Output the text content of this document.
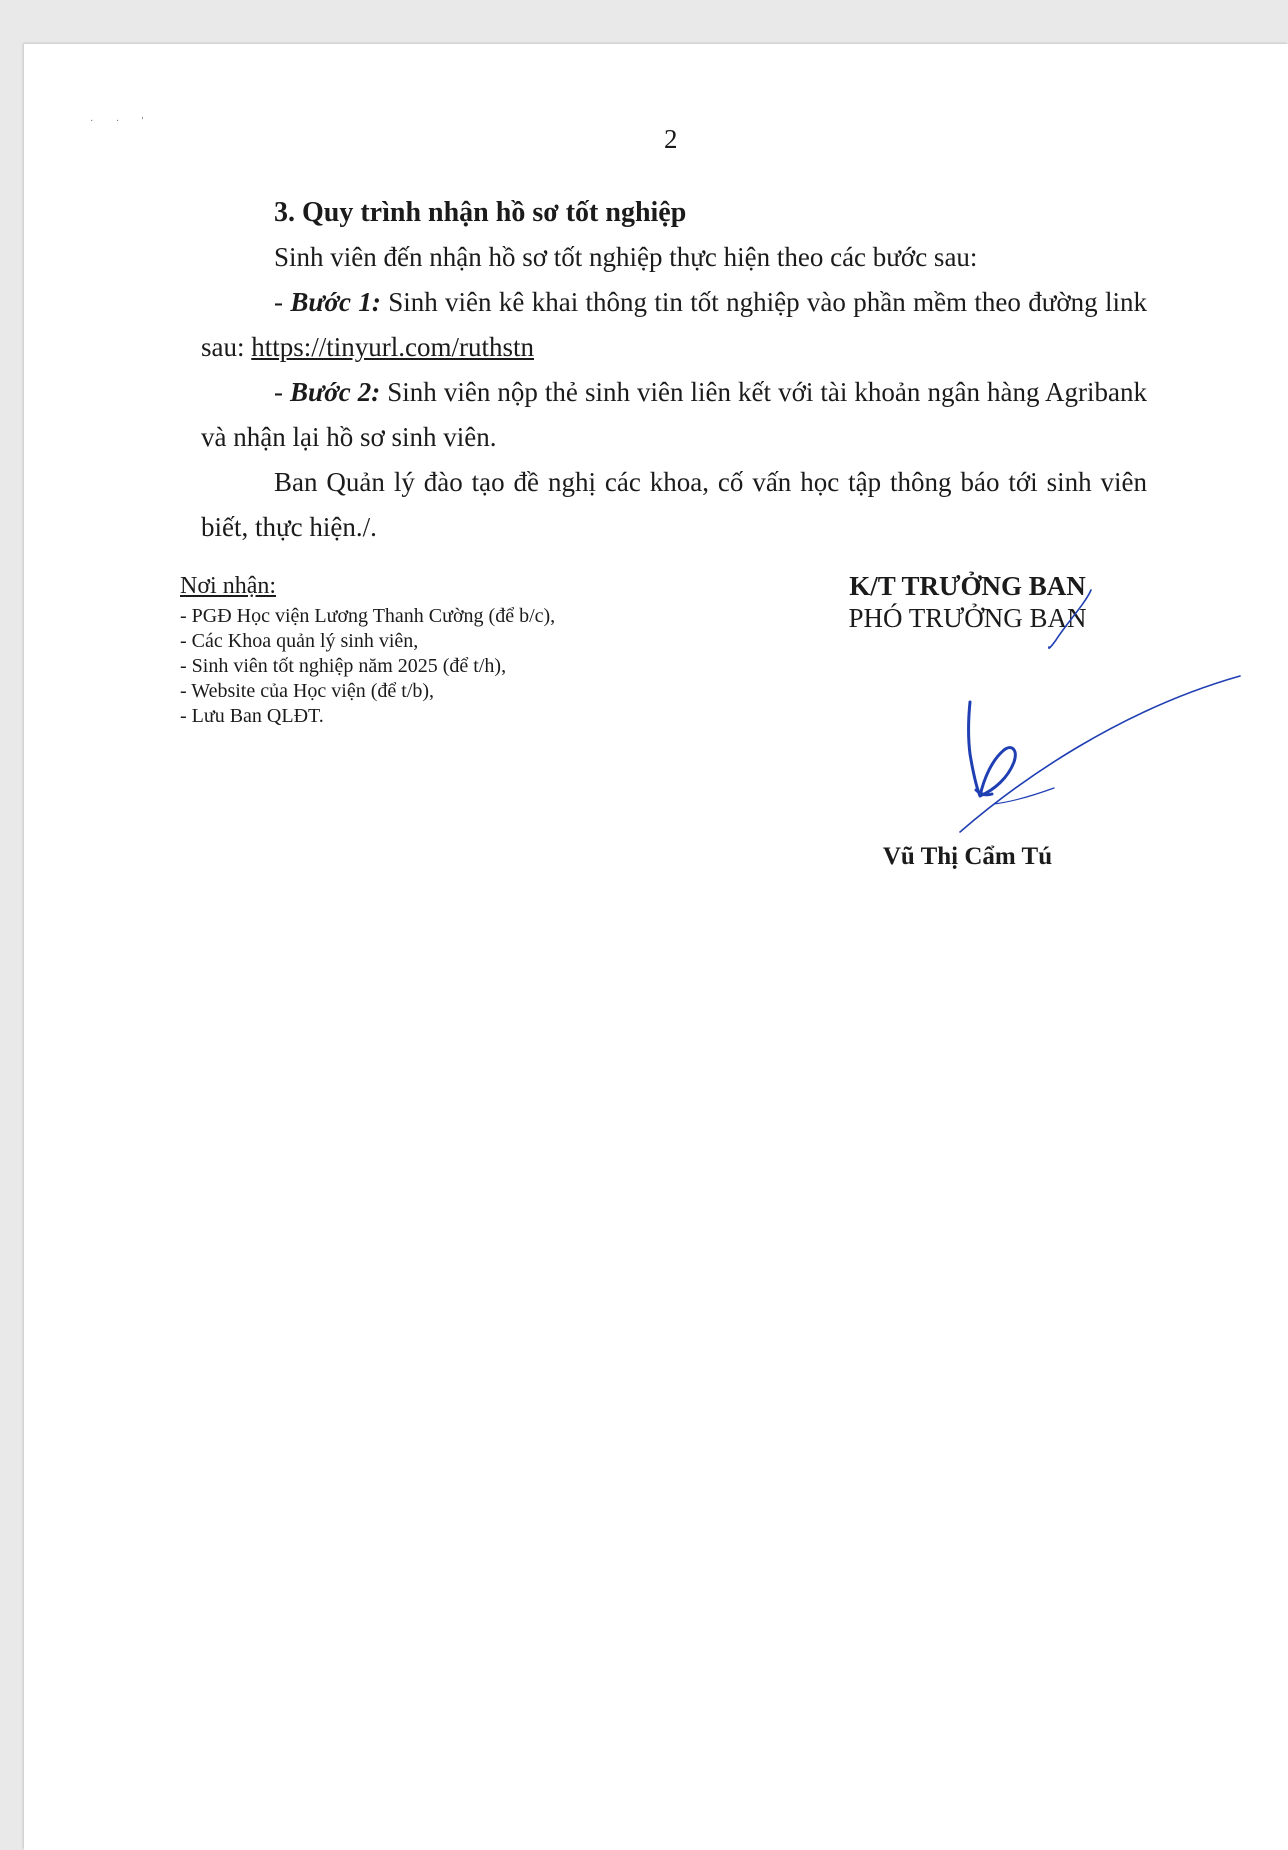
· · '
2

3. Quy trình nhận hồ sơ tốt nghiệp

Sinh viên đến nhận hồ sơ tốt nghiệp thực hiện theo các bước sau:

- Bước 1: Sinh viên kê khai thông tin tốt nghiệp vào phần mềm theo đường link sau: https://tinyurl.com/ruthstn

- Bước 2: Sinh viên nộp thẻ sinh viên liên kết với tài khoản ngân hàng Agribank và nhận lại hồ sơ sinh viên.

Ban Quản lý đào tạo đề nghị các khoa, cố vấn học tập thông báo tới sinh viên biết, thực hiện./.

Nơi nhận:
- PGĐ Học viện Lương Thanh Cường (để b/c),
- Các Khoa quản lý sinh viên,
- Sinh viên tốt nghiệp năm 2025 (để t/h),
- Website của Học viện (để t/b),
- Lưu Ban QLĐT.
K/T TRƯỞNG BAN
PHÓ TRƯỞNG BAN
Vũ Thị Cẩm Tú
